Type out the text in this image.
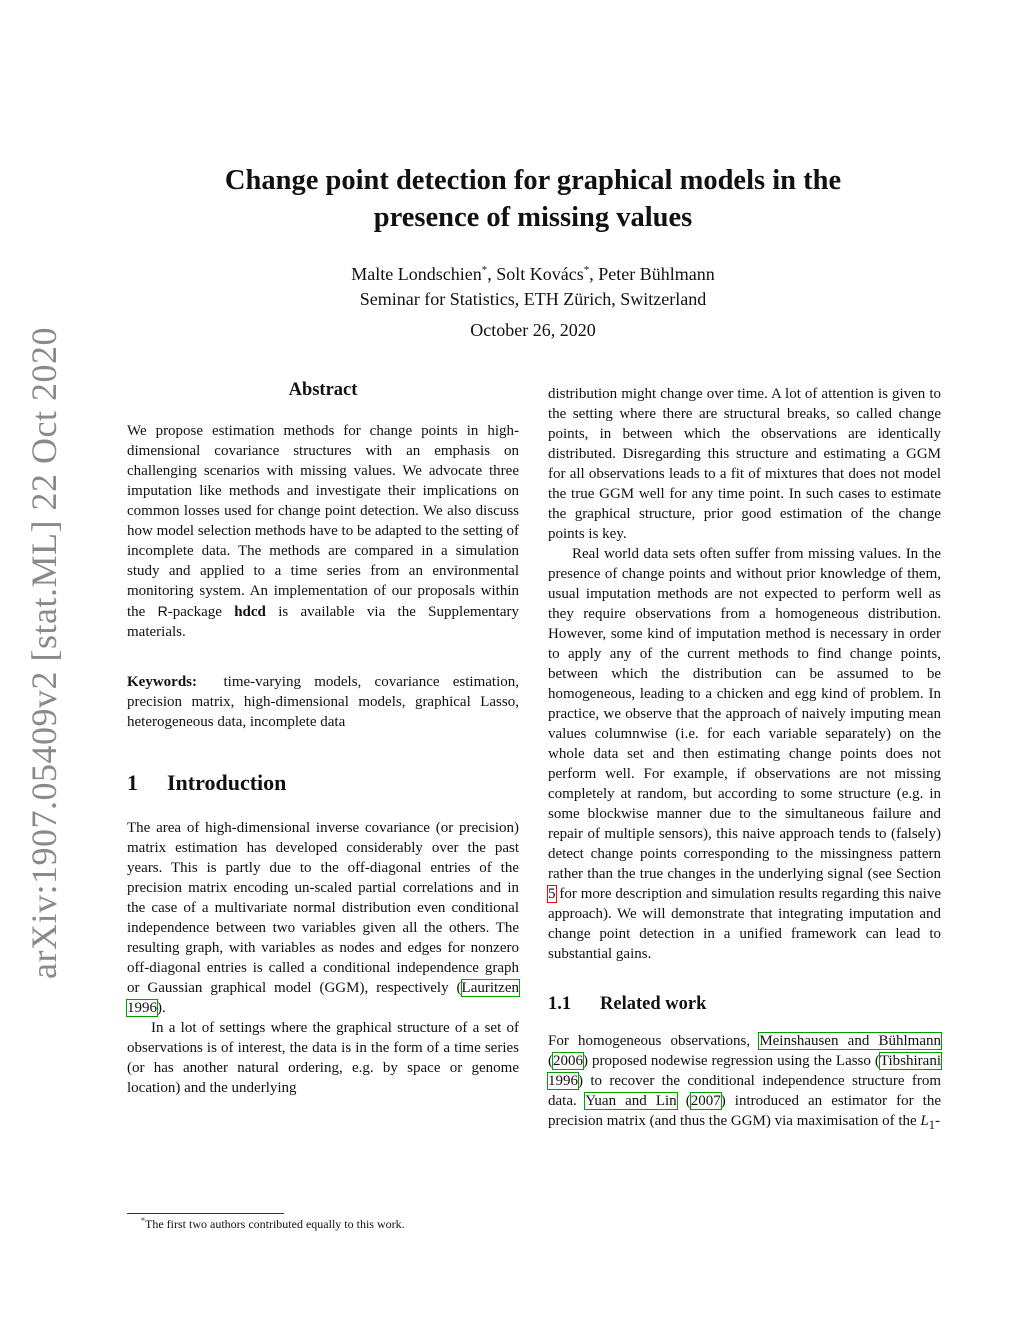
arXiv:1907.05409v2 [stat.ML] 22 Oct 2020
Change point detection for graphical models in the
presence of missing values
Malte Londschien*, Solt Kovács*, Peter Bühlmann
Seminar for Statistics, ETH Zürich, Switzerland
October 26, 2020
Abstract

We propose estimation methods for change points in high-dimensional covariance structures with an emphasis on challenging scenarios with missing values. We advocate three imputation like methods and investigate their implications on common losses used for change point detection. We also discuss how model selection methods have to be adapted to the setting of incomplete data. The methods are compared in a simulation study and applied to a time series from an environmental monitoring system. An implementation of our proposals within the R-package hdcd is available via the Supplementary materials.

Keywords: time-varying models, covariance estimation, precision matrix, high-dimensional models, graphical Lasso, heterogeneous data, incomplete data

1 Introduction

The area of high-dimensional inverse covariance (or precision) matrix estimation has developed considerably over the past years. This is partly due to the off-diagonal entries of the precision matrix encoding un-scaled partial correlations and in the case of a multivariate normal distribution even conditional independence between two variables given all the others. The resulting graph, with variables as nodes and edges for nonzero off-diagonal entries is called a conditional independence graph or Gaussian graphical model (GGM), respectively (Lauritzen 1996).

In a lot of settings where the graphical structure of a set of observations is of interest, the data is in the form of a time series (or has another natural ordering, e.g. by space or genome location) and the underlying

*The first two authors contributed equally to this work.

distribution might change over time. A lot of attention is given to the setting where there are structural breaks, so called change points, in between which the observations are identically distributed. Disregarding this structure and estimating a GGM for all observations leads to a fit of mixtures that does not model the true GGM well for any time point. In such cases to estimate the graphical structure, prior good estimation of the change points is key.

Real world data sets often suffer from missing values. In the presence of change points and without prior knowledge of them, usual imputation methods are not expected to perform well as they require observations from a homogeneous distribution. However, some kind of imputation method is necessary in order to apply any of the current methods to find change points, between which the distribution can be assumed to be homogeneous, leading to a chicken and egg kind of problem. In practice, we observe that the approach of naively imputing mean values columnwise (i.e. for each variable separately) on the whole data set and then estimating change points does not perform well. For example, if observations are not missing completely at random, but according to some structure (e.g. in some blockwise manner due to the simultaneous failure and repair of multiple sensors), this naive approach tends to (falsely) detect change points corresponding to the missingness pattern rather than the true changes in the underlying signal (see Section 5 for more description and simulation results regarding this naive approach). We will demonstrate that integrating imputation and change point detection in a unified framework can lead to substantial gains.

1.1 Related work

For homogeneous observations, Meinshausen and Bühlmann (2006) proposed nodewise regression using the Lasso (Tibshirani 1996) to recover the conditional independence structure from data. Yuan and Lin (2007) introduced an estimator for the precision matrix (and thus the GGM) via maximisation of the $L_1-$
